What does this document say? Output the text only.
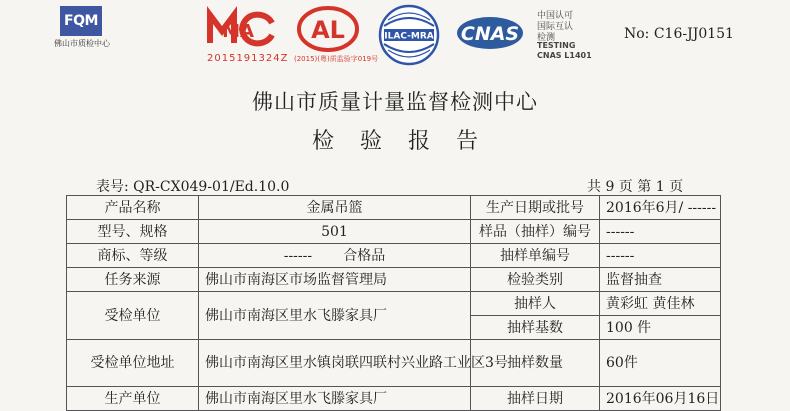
FQM
佛山市质检中心
MA
2015191324Z
AL
(2015)(粤)质监验字019号
ILAC-MRA CNAS
中国认可
国际互认
检测
TESTING
CNAS L1401
No: C16-JJ0151
佛山市质量计量监督检测中心
检验报告
表号: QR-CX049-01/Ed.10.0	共 9 页 第 1 页
产品名称	金属吊篮	生产日期或批号	2016年6月/ ------
型号、规格	501	样品（抽样）编号	------
商标、等级	------       合格品	抽样单编号	------
任务来源	佛山市南海区市场监督管理局	检验类别	监督抽查
受检单位	佛山市南海区里水飞滕家具厂	抽样人	黄彩虹 黄佳林
		抽样基数	100 件
受检单位地址	佛山市南海区里水镇岗联四联村兴业路工业区3号	抽样数量	60件
生产单位	佛山市南海区里水飞滕家具厂	抽样日期	2016年06月16日
